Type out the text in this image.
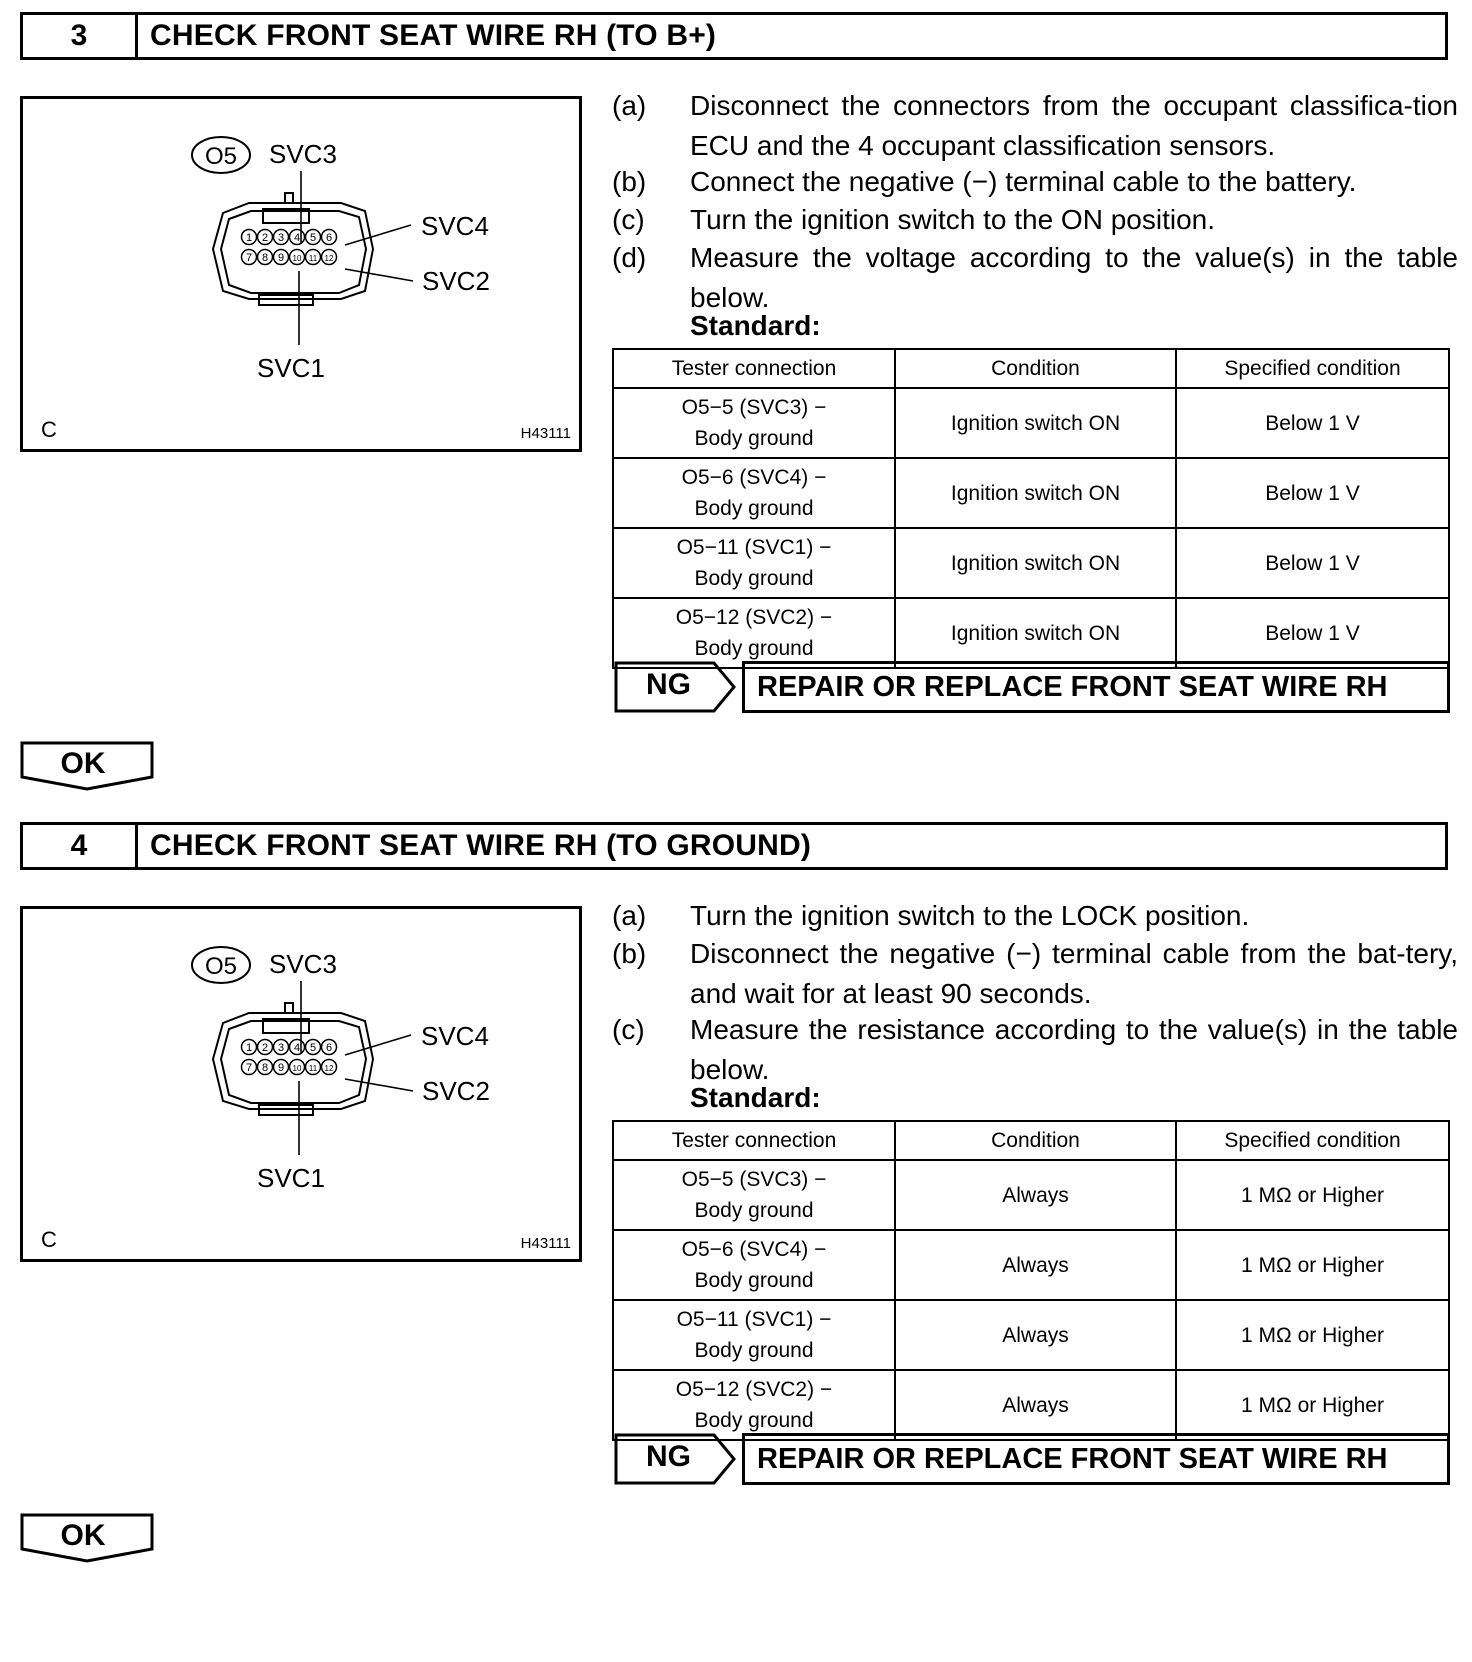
3	CHECK FRONT SEAT WIRE RH (TO B+)
O5 SVC3
SVC4
SVC2
SVC1
1 2 3 4 5 6
7 8 9 10 11 12
C	H43111
(a)	Disconnect the connectors from the occupant classifica-tion ECU and the 4 occupant classification sensors.
(b)	Connect the negative (−) terminal cable to the battery.
(c)	Turn the ignition switch to the ON position.
(d)	Measure the voltage according to the value(s) in the table below.
Standard:
Tester connection	Condition	Specified condition

O5−5 (SVC3) −
Body ground	Ignition switch ON	Below 1 V

O5−6 (SVC4) −
Body ground	Ignition switch ON	Below 1 V

O5−11 (SVC1) −
Body ground	Ignition switch ON	Below 1 V

O5−12 (SVC2) −
Body ground	Ignition switch ON	Below 1 V
NG	REPAIR OR REPLACE FRONT SEAT WIRE RH
OK
4	CHECK FRONT SEAT WIRE RH (TO GROUND)
O5 SVC3
SVC4
SVC2
SVC1
1 2 3 4 5 6
7 8 9 10 11 12
C	H43111
(a)	Turn the ignition switch to the LOCK position.
(b)	Disconnect the negative (−) terminal cable from the bat-tery, and wait for at least 90 seconds.
(c)	Measure the resistance according to the value(s) in the table below.
Standard:
Tester connection	Condition	Specified condition

O5−5 (SVC3) −
Body ground	Always	1 MΩ or Higher

O5−6 (SVC4) −
Body ground	Always	1 MΩ or Higher

O5−11 (SVC1) −
Body ground	Always	1 MΩ or Higher

O5−12 (SVC2) −
Body ground	Always	1 MΩ or Higher
NG	REPAIR OR REPLACE FRONT SEAT WIRE RH
OK
